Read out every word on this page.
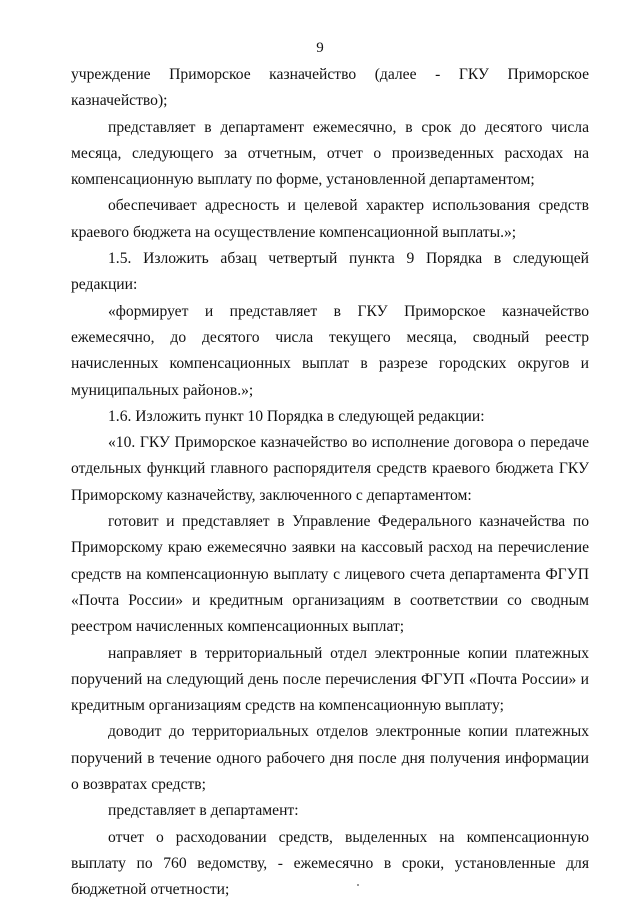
9

учреждение Приморское казначейство (далее - ГКУ Приморское казначейство);

представляет в департамент ежемесячно, в срок до десятого числа месяца, следующего за отчетным, отчет о произведенных расходах на компенсационную выплату по форме, установленной департаментом;

обеспечивает адресность и целевой характер использования средств краевого бюджета на осуществление компенсационной выплаты.»;

1.5. Изложить абзац четвертый пункта 9 Порядка в следующей редакции:

«формирует и представляет в ГКУ Приморское казначейство ежемесячно, до десятого числа текущего месяца, сводный реестр начисленных компенсационных выплат в разрезе городских округов и муниципальных районов.»;

1.6. Изложить пункт 10 Порядка в следующей редакции:

«10. ГКУ Приморское казначейство во исполнение договора о передаче отдельных функций главного распорядителя средств краевого бюджета ГКУ Приморскому казначейству, заключенного с департаментом:

готовит и представляет в Управление Федерального казначейства по Приморскому краю ежемесячно заявки на кассовый расход на перечисление средств на компенсационную выплату с лицевого счета департамента ФГУП «Почта России» и кредитным организациям в соответствии со сводным реестром начисленных компенсационных выплат;

направляет в территориальный отдел электронные копии платежных поручений на следующий день после перечисления ФГУП «Почта России» и кредитным организациям средств на компенсационную выплату;

доводит до территориальных отделов электронные копии платежных поручений в течение одного рабочего дня после дня получения информации о возвратах средств;

представляет в департамент:

отчет о расходовании средств, выделенных на компенсационную выплату по 760 ведомству, - ежемесячно в сроки, установленные для бюджетной отчетности;
